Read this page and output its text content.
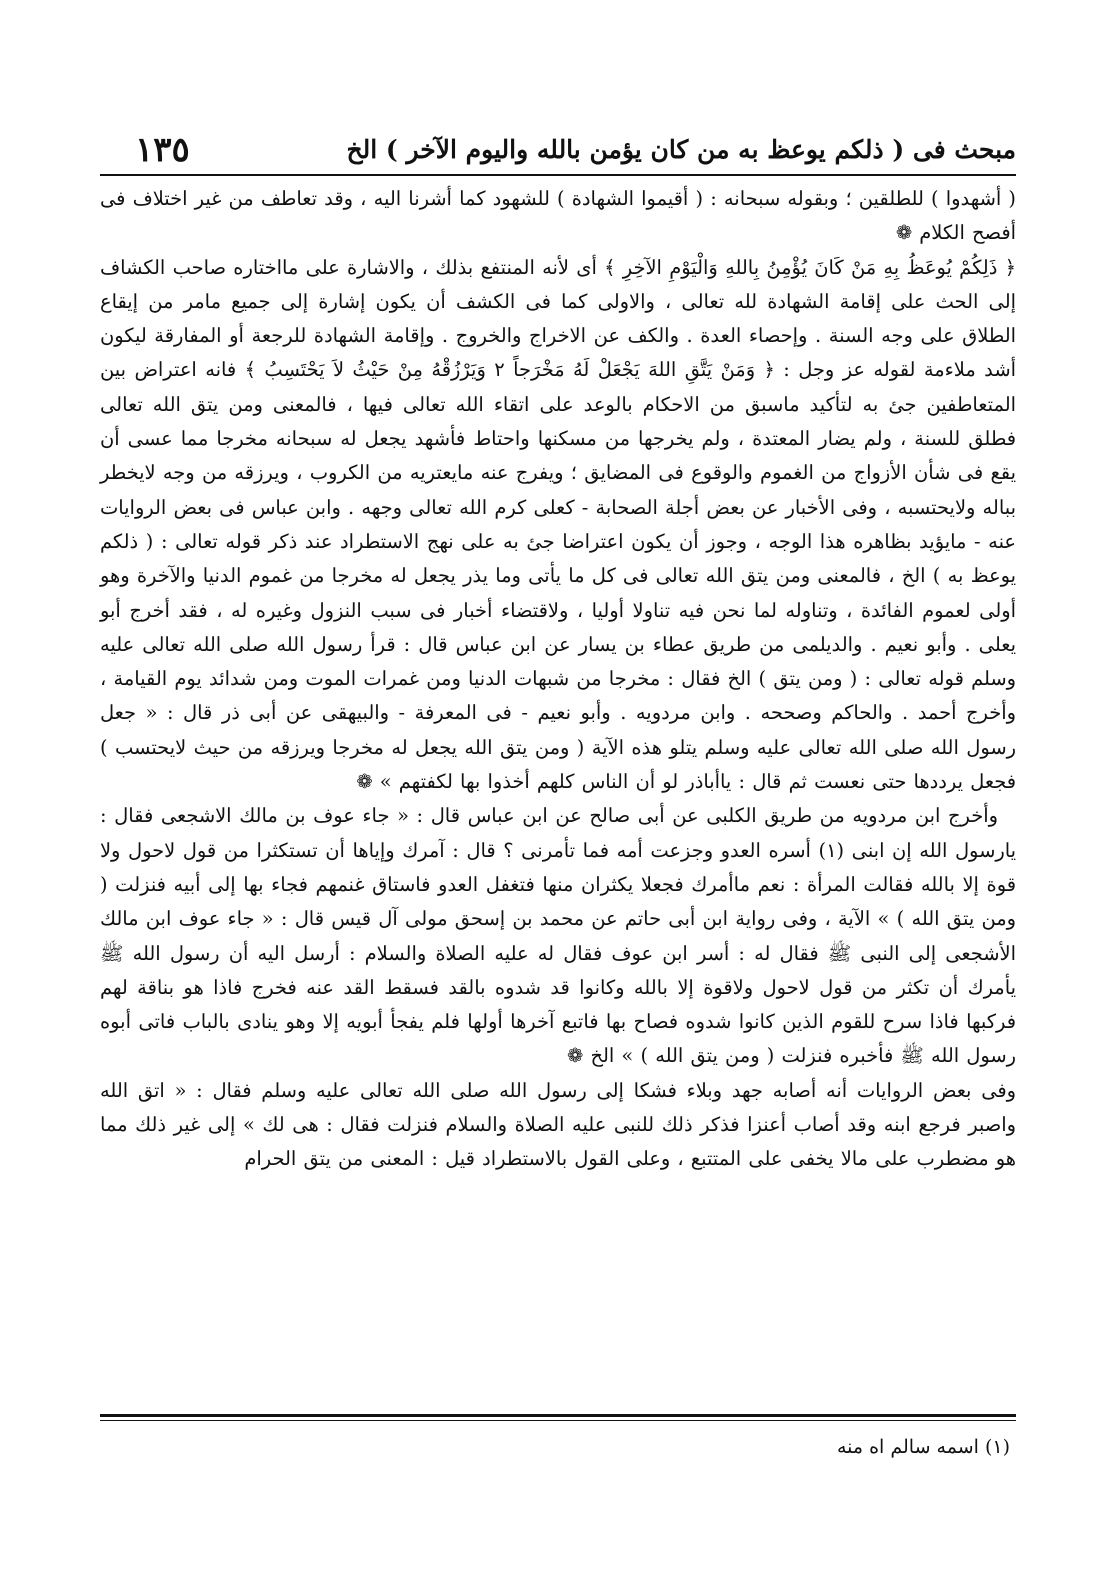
مبحث فى ( ذلكم يوعظ به من كان يؤمن بالله واليوم الآخر ) الخ
١٣٥

( أشهدوا ) للطلقين ؛ وبقوله سبحانه : ( أقيموا الشهادة ) للشهود كما أشرنا اليه ، وقد تعاطف من غير اختلاف فى أفصح الكلام ❁

﴿ ذَلِكُمْ يُوعَظُ بِهِ مَنْ كَانَ يُؤْمِنُ بِاللهِ وَالْيَوْمِ الآخِرِ ﴾ أى لأنه المنتفع بذلك ، والاشارة على مااختاره صاحب الكشاف إلى الحث على إقامة الشهادة لله تعالى ، والاولى كما فى الكشف أن يكون إشارة إلى جميع مامر من إيقاع الطلاق على وجه السنة . وإحصاء العدة . والكف عن الاخراج والخروج . وإقامة الشهادة للرجعة أو المفارقة ليكون أشد ملاءمة لقوله عز وجل : ﴿ وَمَنْ يَتَّقِ اللهَ يَجْعَلْ لَهُ مَخْرَجاً ٢ وَيَرْزُقْهُ مِنْ حَيْثُ لاَ يَحْتَسِبُ ﴾ فانه اعتراض بين المتعاطفين جئ به لتأكيد ماسبق من الاحكام بالوعد على اتقاء الله تعالى فيها ، فالمعنى ومن يتق الله تعالى فطلق للسنة ، ولم يضار المعتدة ، ولم يخرجها من مسكنها واحتاط فأشهد يجعل له سبحانه مخرجا مما عسى أن يقع فى شأن الأزواج من الغموم والوقوع فى المضايق ؛ ويفرج عنه مايعتريه من الكروب ، ويرزقه من وجه لايخطر بباله ولايحتسبه ، وفى الأخبار عن بعض أجلة الصحابة - كعلى كرم الله تعالى وجهه . وابن عباس فى بعض الروايات عنه - مايؤيد بظاهره هذا الوجه ، وجوز أن يكون اعتراضا جئ به على نهج الاستطراد عند ذكر قوله تعالى : ( ذلكم يوعظ به ) الخ ، فالمعنى ومن يتق الله تعالى فى كل ما يأتى وما يذر يجعل له مخرجا من غموم الدنيا والآخرة وهو أولى لعموم الفائدة ، وتناوله لما نحن فيه تناولا أوليا ، ولاقتضاء أخبار فى سبب النزول وغيره له ، فقد أخرج أبو يعلى . وأبو نعيم . والديلمى من طريق عطاء بن يسار عن ابن عباس قال : قرأ رسول الله صلى الله تعالى عليه وسلم قوله تعالى : ( ومن يتق ) الخ فقال : مخرجا من شبهات الدنيا ومن غمرات الموت ومن شدائد يوم القيامة ، وأخرج أحمد . والحاكم وصححه . وابن مردويه . وأبو نعيم - فى المعرفة - والبيهقى عن أبى ذر قال : « جعل رسول الله صلى الله تعالى عليه وسلم يتلو هذه الآية ( ومن يتق الله يجعل له مخرجا ويرزقه من حيث لايحتسب ) فجعل يرددها حتى نعست ثم قال : ياأباذر لو أن الناس كلهم أخذوا بها لكفتهم » ❁

وأخرج ابن مردويه من طريق الكلبى عن أبى صالح عن ابن عباس قال : « جاء عوف بن مالك الاشجعى فقال : يارسول الله إن ابنى (١) أسره العدو وجزعت أمه فما تأمرنى ؟ قال : آمرك وإياها أن تستكثرا من قول لاحول ولا قوة إلا بالله فقالت المرأة : نعم ماأمرك فجعلا يكثران منها فتغفل العدو فاستاق غنمهم فجاء بها إلى أبيه فنزلت ( ومن يتق الله ) » الآية ، وفى رواية ابن أبى حاتم عن محمد بن إسحق مولى آل قيس قال : « جاء عوف ابن مالك الأشجعى إلى النبى ﷺ فقال له : أسر ابن عوف فقال له عليه الصلاة والسلام : أرسل اليه أن رسول الله ﷺ يأمرك أن تكثر من قول لاحول ولاقوة إلا بالله وكانوا قد شدوه بالقد فسقط القد عنه فخرج فاذا هو بناقة لهم فركبها فاذا سرح للقوم الذين كانوا شدوه فصاح بها فاتبع آخرها أولها فلم يفجأ أبويه إلا وهو ينادى بالباب فاتى أبوه رسول الله ﷺ فأخبره فنزلت ( ومن يتق الله ) » الخ ❁

وفى بعض الروايات أنه أصابه جهد وبلاء فشكا إلى رسول الله صلى الله تعالى عليه وسلم فقال : « اتق الله واصبر فرجع ابنه وقد أصاب أعنزا فذكر ذلك للنبى عليه الصلاة والسلام فنزلت فقال : هى لك » إلى غير ذلك مما هو مضطرب على مالا يخفى على المتتبع ، وعلى القول بالاستطراد قيل : المعنى من يتق الحرام

(١) اسمه سالم اه منه
